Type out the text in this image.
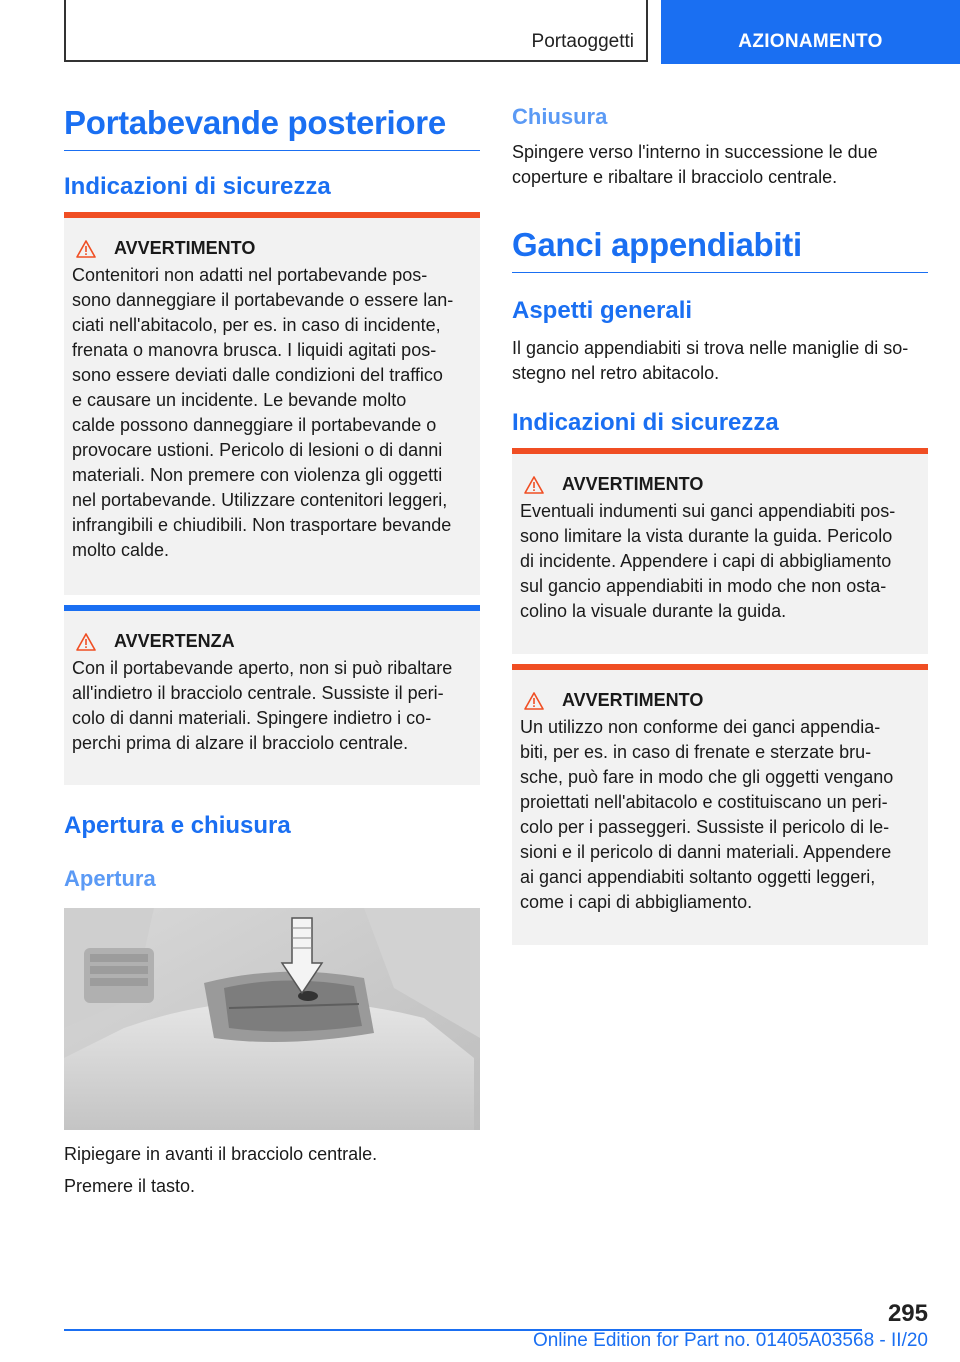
Portaoggetti	AZIONAMENTO
Portabevande posteriore
Indicazioni di sicurezza
AVVERTIMENTO

Contenitori non adatti nel portabevande pos-
sono danneggiare il portabevande o essere lan-
ciati nell'abitacolo, per es. in caso di incidente,
frenata o manovra brusca. I liquidi agitati pos-
sono essere deviati dalle condizioni del traffico
e causare un incidente. Le bevande molto
calde possono danneggiare il portabevande o
provocare ustioni. Pericolo di lesioni o di danni
materiali. Non premere con violenza gli oggetti
nel portabevande. Utilizzare contenitori leggeri,
infrangibili e chiudibili. Non trasportare bevande
molto calde.

AVVERTENZA

Con il portabevande aperto, non si può ribaltare
all'indietro il bracciolo centrale. Sussiste il peri-
colo di danni materiali. Spingere indietro i co-
perchi prima di alzare il bracciolo centrale.

Apertura e chiusura
Apertura

Ripiegare in avanti il bracciolo centrale.

Premere il tasto.

Chiusura

Spingere verso l'interno in successione le due
coperture e ribaltare il bracciolo centrale.

Ganci appendiabiti
Aspetti generali

Il gancio appendiabiti si trova nelle maniglie di so-
stegno nel retro abitacolo.

Indicazioni di sicurezza
AVVERTIMENTO

Eventuali indumenti sui ganci appendiabiti pos-
sono limitare la vista durante la guida. Pericolo
di incidente. Appendere i capi di abbigliamento
sul gancio appendiabiti in modo che non osta-
colino la visuale durante la guida.

AVVERTIMENTO

Un utilizzo non conforme dei ganci appendia-
biti, per es. in caso di frenate e sterzate bru-
sche, può fare in modo che gli oggetti vengano
proiettati nell'abitacolo e costituiscano un peri-
colo per i passeggeri. Sussiste il pericolo di le-
sioni e il pericolo di danni materiali. Appendere
ai ganci appendiabiti soltanto oggetti leggeri,
come i capi di abbigliamento.

295
Online Edition for Part no. 01405A03568 - II/20
